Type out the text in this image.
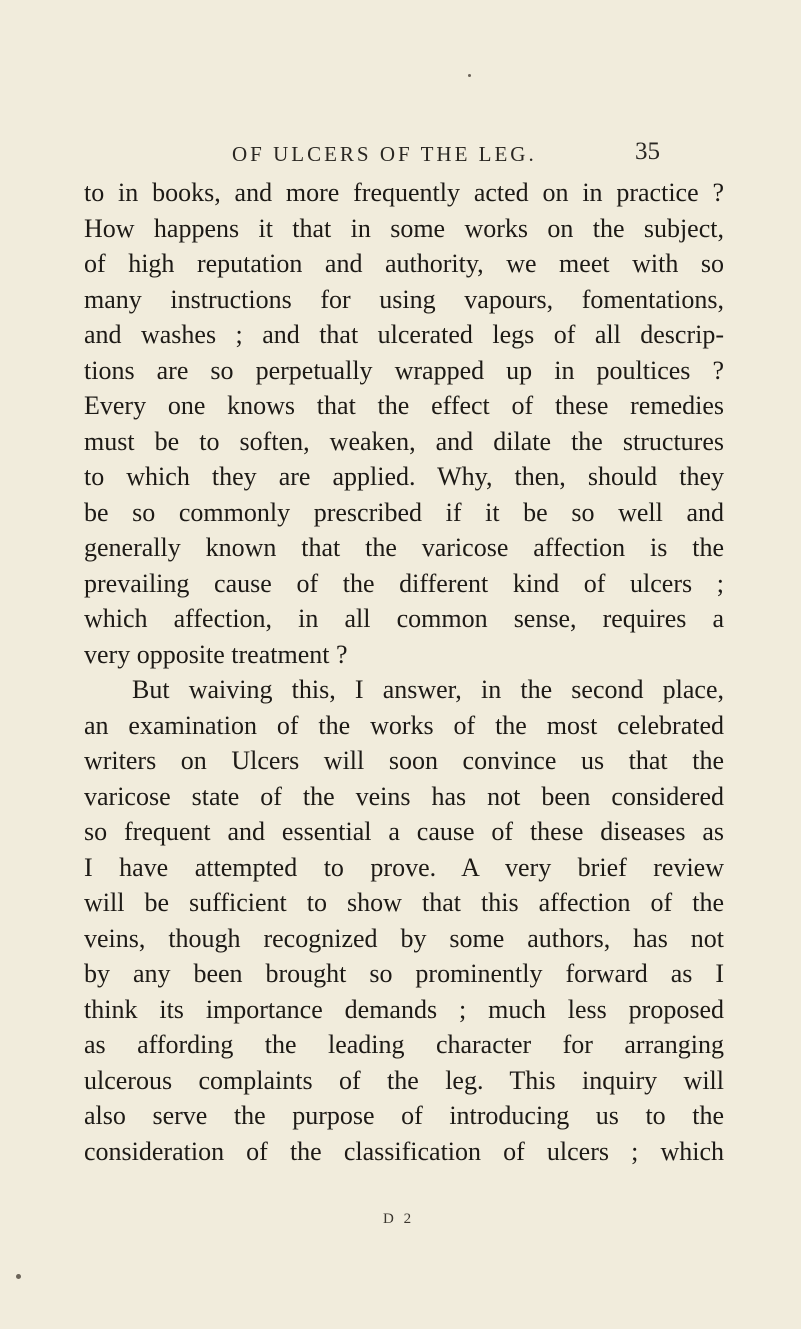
OF ULCERS OF THE LEG.	35
to in books, and more frequently acted on in practice ?
How happens it that in some works on the subject,
of high reputation and authority, we meet with so
many instructions for using vapours, fomentations,
and washes ; and that ulcerated legs of all descrip-
tions are so perpetually wrapped up in poultices ?
Every one knows that the effect of these remedies
must be to soften, weaken, and dilate the structures
to which they are applied. Why, then, should they
be so commonly prescribed if it be so well and
generally known that the varicose affection is the
prevailing cause of the different kind of ulcers ;
which affection, in all common sense, requires a
very opposite treatment ?
But waiving this, I answer, in the second place,
an examination of the works of the most celebrated
writers on Ulcers will soon convince us that the
varicose state of the veins has not been considered
so frequent and essential a cause of these diseases as
I have attempted to prove. A very brief review
will be sufficient to show that this affection of the
veins, though recognized by some authors, has not
by any been brought so prominently forward as I
think its importance demands ; much less proposed
as affording the leading character for arranging
ulcerous complaints of the leg. This inquiry will
also serve the purpose of introducing us to the
consideration of the classification of ulcers ; which
D 2
